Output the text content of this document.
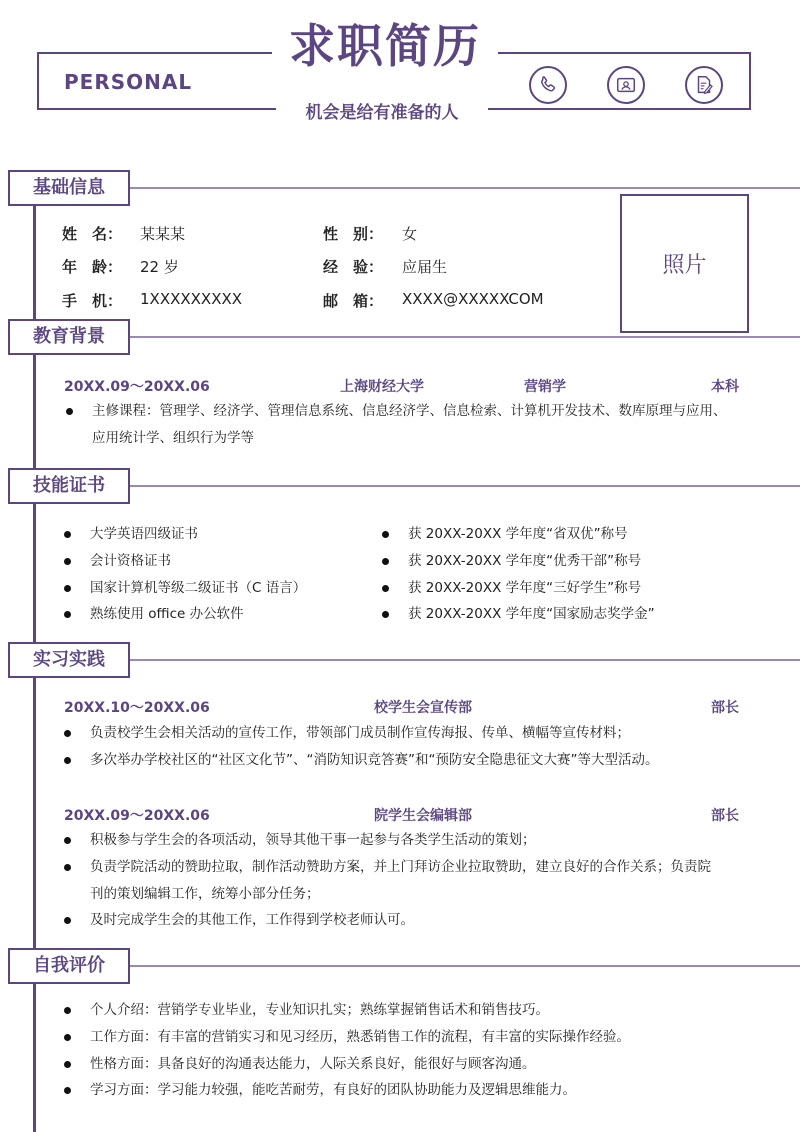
求职简历
PERSONAL
机会是给有准备的人
基础信息
姓　名： 某某某
年　龄： 22 岁
手　机： 1XXXXXXXXX
性　别： 女
经　验： 应届生
邮　箱： XXXX@XXXXXCOM
照片
教育背景
20XX.09～20XX.06	上海财经大学	营销学	本科
主修课程：管理学、经济学、管理信息系统、信息经济学、信息检索、计算机开发技术、数库原理与应用、
应用统计学、组织行为学等
技能证书
大学英语四级证书
会计资格证书
国家计算机等级二级证书（C 语言）
熟练使用 office 办公软件
获 20XX-20XX 学年度“省双优”称号
获 20XX-20XX 学年度“优秀干部”称号
获 20XX-20XX 学年度“三好学生”称号
获 20XX-20XX 学年度“国家励志奖学金”
实习实践
20XX.10～20XX.06	校学生会宣传部	部长
负责校学生会相关活动的宣传工作，带领部门成员制作宣传海报、传单、横幅等宣传材料；
多次举办学校社区的“社区文化节”、“消防知识竞答赛”和“预防安全隐患征文大赛”等大型活动。
20XX.09～20XX.06	院学生会编辑部	部长
积极参与学生会的各项活动，领导其他干事一起参与各类学生活动的策划；
负责学院活动的赞助拉取，制作活动赞助方案，并上门拜访企业拉取赞助，建立良好的合作关系；负责院
刊的策划编辑工作，统筹小部分任务；
及时完成学生会的其他工作，工作得到学校老师认可。
自我评价
个人介绍：营销学专业毕业，专业知识扎实；熟练掌握销售话术和销售技巧。
工作方面：有丰富的营销实习和见习经历，熟悉销售工作的流程，有丰富的实际操作经验。
性格方面：具备良好的沟通表达能力，人际关系良好，能很好与顾客沟通。
学习方面：学习能力较强，能吃苦耐劳，有良好的团队协助能力及逻辑思维能力。
